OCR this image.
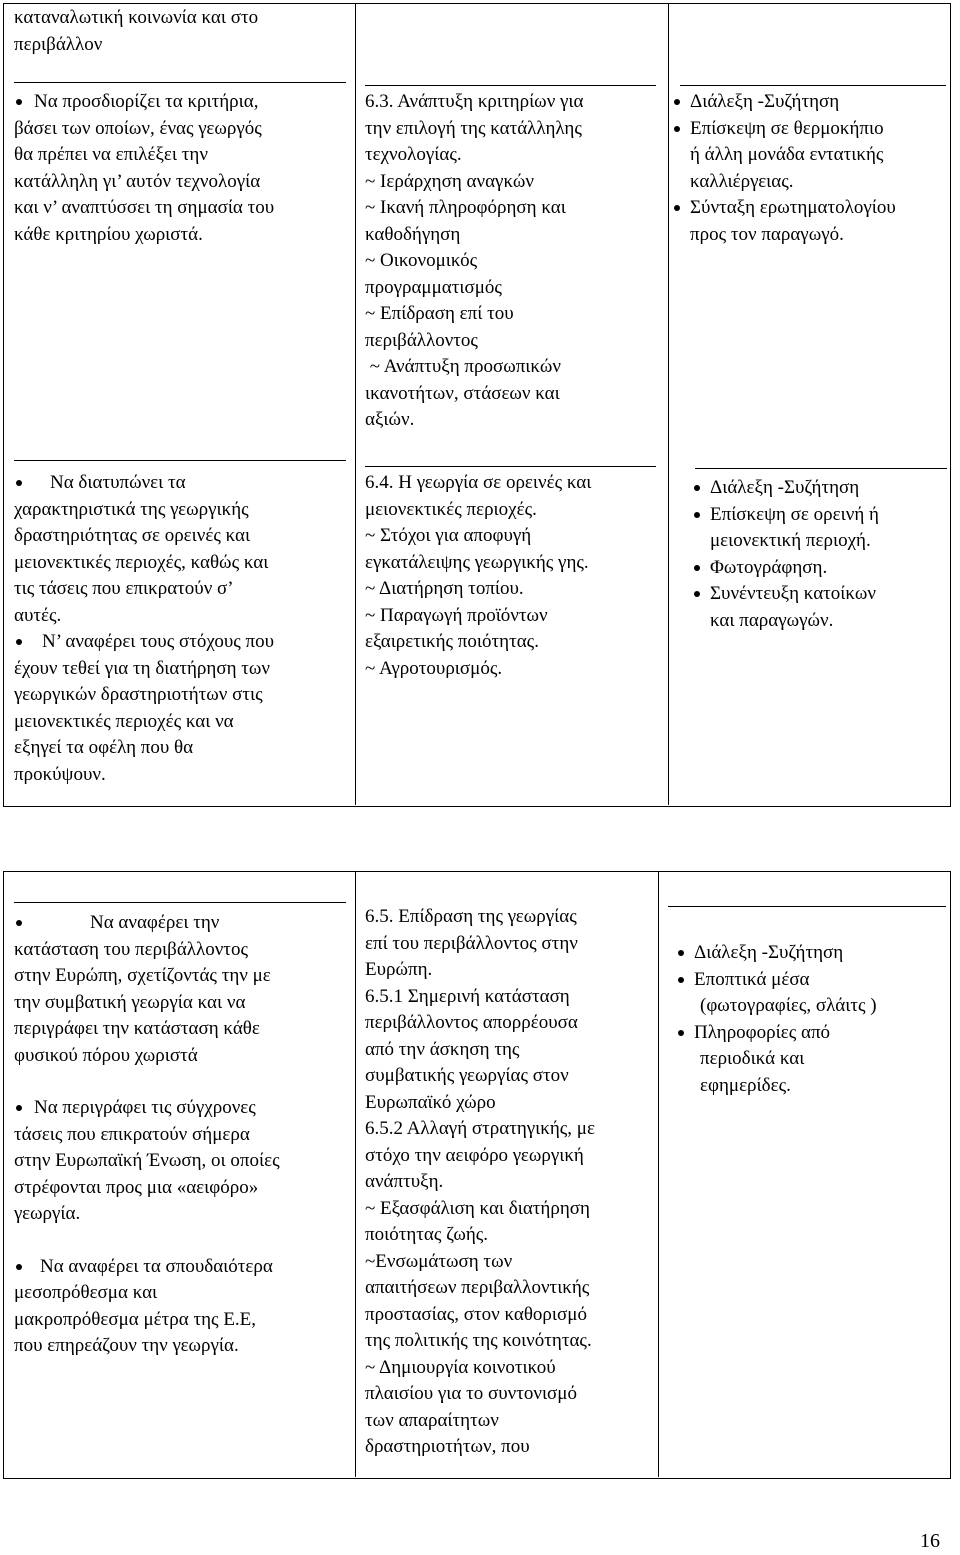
καταναλωτική κοινωνία και στο
περιβάλλον
Να προσδιορίζει τα κριτήρια,
βάσει των οποίων, ένας γεωργός
θα πρέπει να επιλέξει την
κατάλληλη γι’ αυτόν τεχνολογία
και ν’ αναπτύσσει τη σημασία του
κάθε κριτηρίου χωριστά.
6.3. Ανάπτυξη κριτηρίων για
την επιλογή της κατάλληλης
τεχνολογίας.
~ Ιεράρχηση αναγκών
~ Ικανή πληροφόρηση και
καθοδήγηση
~ Οικονομικός
προγραμματισμός
~ Επίδραση επί του
περιβάλλοντος
~ Ανάπτυξη προσωπικών
ικανοτήτων, στάσεων και
αξιών.
Διάλεξη -Συζήτηση
Επίσκεψη σε θερμοκήπιο
ή άλλη μονάδα εντατικής
καλλιέργειας.
Σύνταξη ερωτηματολογίου
προς τον παραγωγό.
Να διατυπώνει τα
χαρακτηριστικά της γεωργικής
δραστηριότητας σε ορεινές και
μειονεκτικές περιοχές, καθώς και
τις τάσεις που επικρατούν σ’
αυτές.
Ν’ αναφέρει τους στόχους που
έχουν τεθεί για τη διατήρηση των
γεωργικών δραστηριοτήτων στις
μειονεκτικές περιοχές και να
εξηγεί τα οφέλη που θα
προκύψουν.
6.4. Η γεωργία σε ορεινές και
μειονεκτικές περιοχές.
~ Στόχοι για αποφυγή
εγκατάλειψης γεωργικής γης.
~ Διατήρηση τοπίου.
~ Παραγωγή προϊόντων
εξαιρετικής ποιότητας.
~ Αγροτουρισμός.
Διάλεξη -Συζήτηση
Επίσκεψη σε ορεινή ή
μειονεκτική περιοχή.
Φωτογράφηση.
Συνέντευξη κατοίκων
και παραγωγών.
Να αναφέρει την
κατάσταση του περιβάλλοντος
στην Ευρώπη, σχετίζοντάς την με
την συμβατική γεωργία και να
περιγράφει την κατάσταση κάθε
φυσικού πόρου χωριστά
Να περιγράφει τις σύγχρονες
τάσεις που επικρατούν σήμερα
στην Ευρωπαϊκή Ένωση, οι οποίες
στρέφονται προς μια «αειφόρο»
γεωργία.
Να αναφέρει τα σπουδαιότερα
μεσοπρόθεσμα και
μακροπρόθεσμα μέτρα της Ε.Ε,
που επηρεάζουν την γεωργία.
6.5. Επίδραση της γεωργίας
επί του περιβάλλοντος στην
Ευρώπη.
6.5.1 Σημερινή κατάσταση
περιβάλλοντος απορρέουσα
από την άσκηση της
συμβατικής γεωργίας στον
Ευρωπαϊκό χώρο
6.5.2 Αλλαγή στρατηγικής, με
στόχο την αειφόρο γεωργική
ανάπτυξη.
~ Εξασφάλιση και διατήρηση
ποιότητας ζωής.
~Ενσωμάτωση των
απαιτήσεων περιβαλλοντικής
προστασίας, στον καθορισμό
της πολιτικής της κοινότητας.
~ Δημιουργία κοινοτικού
πλαισίου για το συντονισμό
των απαραίτητων
δραστηριοτήτων, που
Διάλεξη -Συζήτηση
Εποπτικά μέσα
(φωτογραφίες, σλάιτς )
Πληροφορίες από
περιοδικά και
εφημερίδες.
16
